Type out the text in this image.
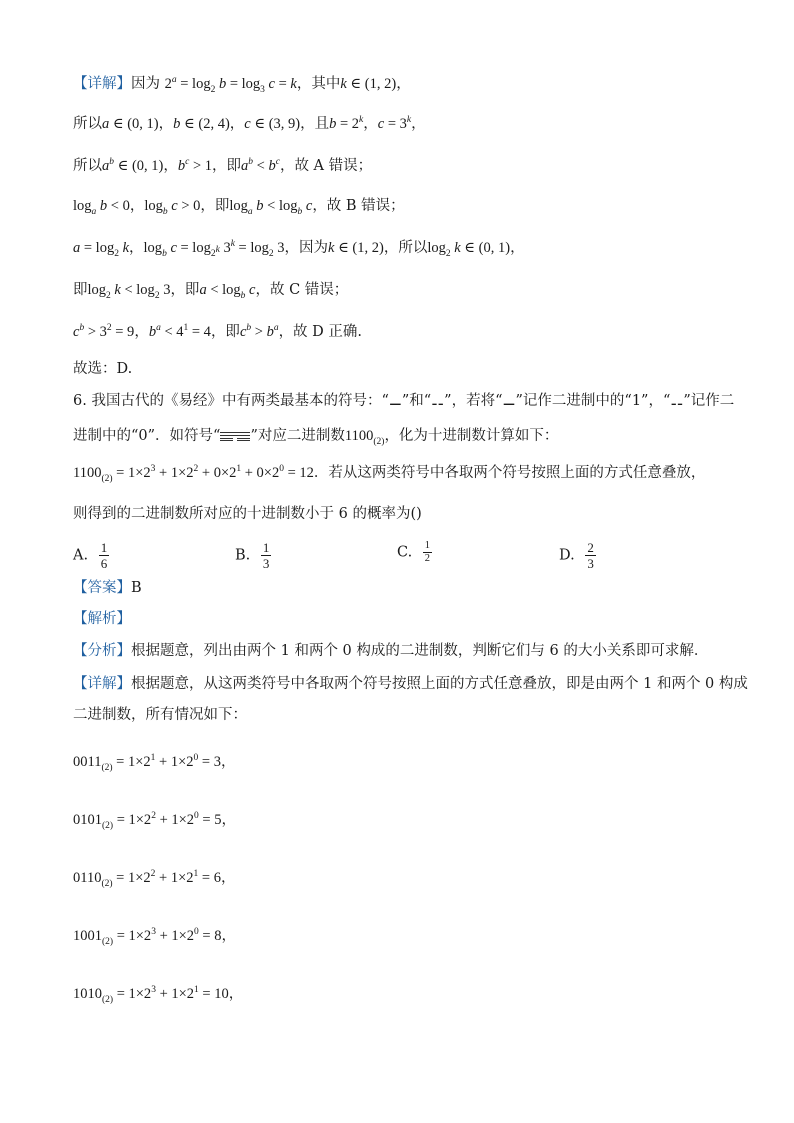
【详解】因为 $2^a = \log_2 b = \log_3 c = k$，其中k ∈ (1, 2)，
所以a ∈ (0, 1)，b ∈ (2, 4)，c ∈ (3, 9)，且$b = 2^k$，$c = 3^k$，
所以$a^b$ ∈ (0, 1)，$b^c > 1$，即$a^b < b^c$，故 A 错误；
$\log_a b < 0$，$\log_b c > 0$，即$\log_a b < \log_b c$，故 B 错误；
$a = \log_2 k$，$\log_b c = \log_{2^k} 3^k = \log_2 3$，因为k ∈ (1, 2)，所以$\log_2 k$ ∈ (0, 1)，
即$\log_2 k < \log_2 3$，即$a < \log_b c$，故 C 错误；
$c^b > 3^2 = 9$，$b^a < 4^1 = 4$，即$c^b > b^a$，故 D 正确.
故选：D.
6. 我国古代的《易经》中有两类最基本的符号：“⚊”和“⚋”，若将“⚊”记作二进制中的“1”，“⚋”记作二
进制中的“0”．如符号“ ”对应二进制数$1100_{(2)}$，化为十进制数计算如下：
$1100_{(2)} = 1\times 2^3 + 1\times 2^2 + 0\times 2^1 + 0\times 2^0 = 12$．若从这两类符号中各取两个符号按照上面的方式任意叠放，
则得到的二进制数所对应的十进制数小于 6 的概率为()
A. $\frac{1}{6}$	B. $\frac{1}{3}$	C. $\frac{1}{2}$	D. $\frac{2}{3}$
【答案】B
【解析】
【分析】根据题意，列出由两个 1 和两个 0 构成的二进制数，判断它们与 6 的大小关系即可求解．
【详解】根据题意，从这两类符号中各取两个符号按照上面的方式任意叠放，即是由两个 1 和两个 0 构成
二进制数，所有情况如下：
$0011_{(2)} = 1\times 2^1 + 1\times 2^0 = 3$，
$0101_{(2)} = 1\times 2^2 + 1\times 2^0 = 5$，
$0110_{(2)} = 1\times 2^2 + 1\times 2^1 = 6$，
$1001_{(2)} = 1\times 2^3 + 1\times 2^0 = 8$，
$1010_{(2)} = 1\times 2^3 + 1\times 2^1 = 10$，
